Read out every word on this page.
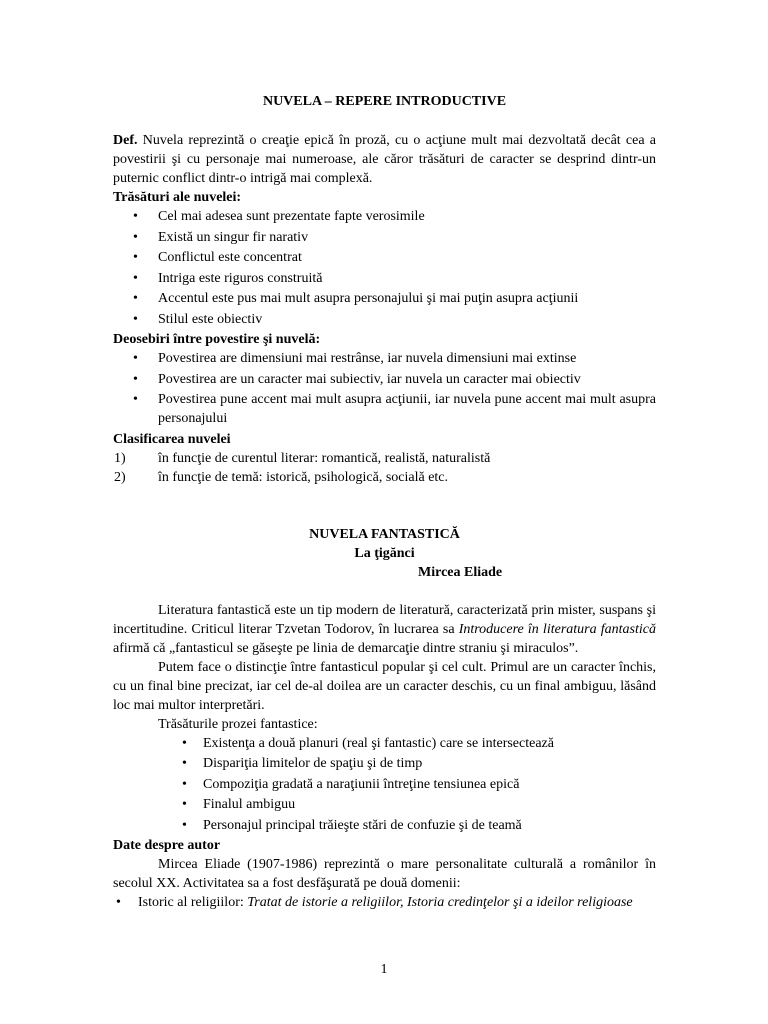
NUVELA – REPERE INTRODUCTIVE

Def. Nuvela reprezintă o creaţie epică în proză, cu o acţiune mult mai dezvoltată decât cea a povestirii şi cu personaje mai numeroase, ale căror trăsături de caracter se desprind dintr-un puternic conflict dintr-o intrigă mai complexă.

Trăsături ale nuvelei:

• Cel mai adesea sunt prezentate fapte verosimile
• Există un singur fir narativ
• Conflictul este concentrat
• Intriga este riguros construită
• Accentul este pus mai mult asupra personajului şi mai puţin asupra acţiunii
• Stilul este obiectiv

Deosebiri între povestire şi nuvelă:

• Povestirea are dimensiuni mai restrânse, iar nuvela dimensiuni mai extinse
• Povestirea are un caracter mai subiectiv, iar nuvela un caracter mai obiectiv
• Povestirea pune accent mai mult asupra acţiunii, iar nuvela pune accent mai mult asupra personajului

Clasificarea nuvelei

1) în funcţie de curentul literar: romantică, realistă, naturalistă
2) în funcţie de temă: istorică, psihologică, socială etc.

NUVELA FANTASTICĂ

La ţigănci

Mircea Eliade

Literatura fantastică este un tip modern de literatură, caracterizată prin mister, suspans şi incertitudine. Criticul literar Tzvetan Todorov, în lucrarea sa Introducere în literatura fantastică afirmă că „fantasticul se găseşte pe linia de demarcaţie dintre straniu şi miraculos”.

Putem face o distincţie între fantasticul popular şi cel cult. Primul are un caracter închis, cu un final bine precizat, iar cel de-al doilea are un caracter deschis, cu un final ambiguu, lăsând loc mai multor interpretări.

Trăsăturile prozei fantastice:

• Existenţa a două planuri (real şi fantastic) care se intersectează
• Dispariţia limitelor de spaţiu şi de timp
• Compoziţia gradată a naraţiunii întreţine tensiunea epică
• Finalul ambiguu
• Personajul principal trăieşte stări de confuzie şi de teamă

Date despre autor

Mircea Eliade (1907-1986) reprezintă o mare personalitate culturală a românilor în secolul XX. Activitatea sa a fost desfăşurată pe două domenii:

• Istoric al religiilor: Tratat de istorie a religiilor, Istoria credinţelor şi a ideilor religioase
1
